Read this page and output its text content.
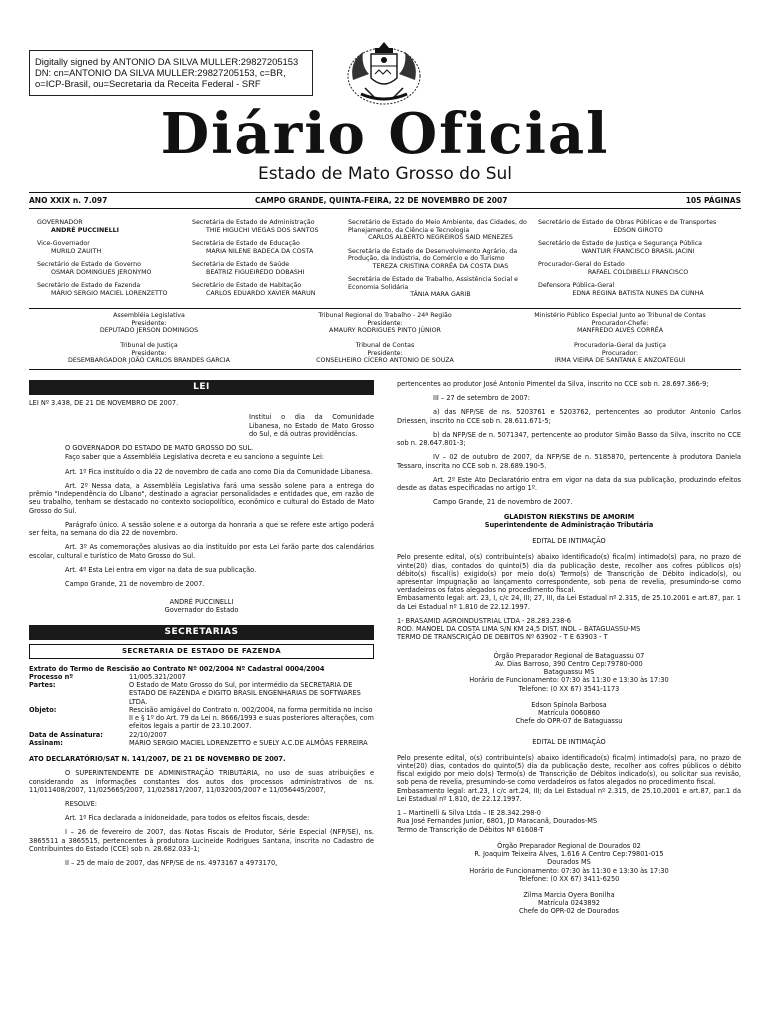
Digitally signed by ANTONIO DA SILVA MULLER:29827205153
DN: cn=ANTONIO DA SILVA MULLER:29827205153, c=BR,
o=ICP-Brasil, ou=Secretaria da Receita Federal - SRF
Diário Oficial
Estado de Mato Grosso do Sul
ANO XXIX n. 7.097	CAMPO GRANDE, QUINTA-FEIRA, 22 DE NOVEMBRO DE 2007	105 PÁGINAS
GOVERNADOR
ANDRÉ PUCCINELLI
Vice-Governador
MURILO ZAUITH
Secretário de Estado de Governo
OSMAR DOMINGUES JERONYMO
Secretário de Estado de Fazenda
MÁRIO SERGIO MACIEL LORENZETTO
Secretária de Estado de Administração
THIE HIGUCHI VIEGAS DOS SANTOS
Secretária de Estado de Educação
MARIA NILENE BADECA DA COSTA
Secretária de Estado de Saúde
BEATRIZ FIGUEIREDO DOBASHI
Secretário de Estado de Habitação
CARLOS EDUARDO XAVIER MARUN
Secretário de Estado do Meio Ambiente, das Cidades, do Planejamento, da Ciência e Tecnologia
CARLOS ALBERTO NEGREIROS SAID MENEZES
Secretária de Estado de Desenvolvimento Agrário, da Produção, da Indústria, do Comércio e do Turismo
TEREZA CRISTINA CORRÊA DA COSTA DIAS
Secretária de Estado de Trabalho, Assistência Social e Economia Solidária
TÂNIA MARA GARIB
Secretário de Estado de Obras Públicas e de Transportes
EDSON GIROTO
Secretário de Estado de Justiça e Segurança Pública
WANTUIR FRANCISCO BRASIL JACINI
Procurador-Geral do Estado
RAFAEL COLDIBELLI FRANCISCO
Defensora Pública-Geral
EDNA REGINA BATISTA NUNES DA CUNHA
Assembléia Legislativa
Presidente:
DEPUTADO JERSON DOMINGOS
Tribunal Regional do Trabalho - 24ª Região
Presidente:
AMAURY RODRIGUES PINTO JÚNIOR
Ministério Público Especial Junto ao Tribunal de Contas
Procurador-Chefe:
MANFREDO ALVES CORRÊA
Tribunal de Justiça
Presidente:
DESEMBARGADOR JOÃO CARLOS BRANDES GARCIA
Tribunal de Contas
Presidente:
CONSELHEIRO CÍCERO ANTONIO DE SOUZA
Procuradoria-Geral da Justiça
Procurador:
IRMA VIEIRA DE SANTANA E ANZOATEGUI
LEI

LEI Nº 3.438, DE 21 DE NOVEMBRO DE 2007.

Institui o dia da Comunidade Libanesa, no Estado de Mato Grosso do Sul, e dá outras providências.

O GOVERNADOR DO ESTADO DE MATO GROSSO DO SUL.

Faço saber que a Assembléia Legislativa decreta e eu sanciono a seguinte Lei:

Art. 1º Fica instituído o dia 22 de novembro de cada ano como Dia da Comunidade Libanesa.

Art. 2º Nessa data, a Assembléia Legislativa fará uma sessão solene para a entrega do prêmio "Independência do Líbano", destinado a agraciar personalidades e entidades que, em razão de seu trabalho, tenham se destacado no contexto sociopolítico, econômico e cultural do Estado de Mato Grosso do Sul.

Parágrafo único. A sessão solene e a outorga da honraria a que se refere este artigo poderá ser feita, na semana do dia 22 de novembro.

Art. 3º As comemorações alusivas ao dia instituído por esta Lei farão parte dos calendários escolar, cultural e turístico de Mato Grosso do Sul.

Art. 4º Esta Lei entra em vigor na data de sua publicação.

Campo Grande, 21 de novembro de 2007.

ANDRÉ PUCCINELLI

Governador do Estado

SECRETARIAS
SECRETARIA DE ESTADO DE FAZENDA

Extrato do Termo de Rescisão ao Contrato Nº 002/2004 Nº Cadastral 0004/2004

Processo nº	11/005.321/2007
Partes:	O Estado de Mato Grosso do Sul, por intermédio da SECRETARIA DE ESTADO DE FAZENDA e DIGITO BRASIL ENGENHARIAS DE SOFTWARES LTDA.
Objeto:	Rescisão amigável do Contrato n. 002/2004, na forma permitida no inciso II e § 1º do Art. 79 da Lei n. 8666/1993 e suas posteriores alterações, com efeitos legais a partir de 23.10.2007.
Data de Assinatura:	22/10/2007
Assinam:	MARIO SERGIO MACIEL LORENZETTO e SUELY A.C.DE ALMÔAS FERREIRA

ATO DECLARATÓRIO/SAT N. 141/2007, DE 21 DE NOVEMBRO DE 2007.

O SUPERINTENDENTE DE ADMINISTRAÇÃO TRIBUTÁRIA, no uso de suas atribuições e considerando as informações constantes dos autos dos processos administrativos de ns. 11/011408/2007, 11/025665/2007, 11/025817/2007, 11/032005/2007 e 11/056445/2007,

RESOLVE:

Art. 1º Fica declarada a inidoneidade, para todos os efeitos fiscais, desde:

I – 26 de fevereiro de 2007, das Notas Fiscais de Produtor, Série Especial (NFP/SE), ns. 3865511 a 3865515, pertencentes à produtora Lucineide Rodrigues Santana, inscrita no Cadastro de Contribuintes do Estado (CCE) sob n. 28.682.033-1;

II – 25 de maio de 2007, das NFP/SE de ns. 4973167 a 4973170,

pertencentes ao produtor José Antonio Pimentel da Silva, inscrito no CCE sob n. 28.697.366-9;

III – 27 de setembro de 2007:

a) das NFP/SE de ns. 5203761 e 5203762, pertencentes ao produtor Antonio Carlos Driessen, inscrito no CCE sob n. 28.611.671-5;

b) da NFP/SE de n. 5071347, pertencente ao produtor Simão Basso da Silva, inscrito no CCE sob n. 28.647.801-3;

IV – 02 de outubro de 2007, da NFP/SE de n. 5185870, pertencente à produtora Daniela Tessaro, inscrita no CCE sob n. 28.689.190-5.

Art. 2º Este Ato Declaratório entra em vigor na data da sua publicação, produzindo efeitos desde as datas especificadas no artigo 1º.

Campo Grande, 21 de novembro de 2007.

GLADISTON RIEKSTINS DE AMORIM

Superintendente de Administração Tributária

EDITAL DE INTIMAÇÃO

Pelo presente edital, o(s) contribuinte(s) abaixo identificado(s) fica(m) intimado(s) para, no prazo de vinte(20) dias, contados do quinto(5) dia da publicação deste, recolher aos cofres públicos o(s) débito(s) fiscal(is) exigido(s) por meio do(s) Termo(s) de Transcrição de Débito indicado(s), ou apresentar impugnação ao lançamento correspondente, sob pena de revelia, presumindo-se como verdadeiros os fatos alegados no procedimento fiscal.

Embasamento legal: art. 23, I, c/c 24, III; 27, III, da Lei Estadual nº 2.315, de 25.10.2001 e art.87, par. 1 da Lei Estadual nº 1.810 de 22.12.1997.

1- BRASAMID AGROINDUSTRIAL LTDA - 28.283.238-6

ROD. MANOEL DA COSTA LIMA S/N KM 24,5 DIST. INDL – BATAGUASSU-MS

TERMO DE TRANSCRIÇÃO DE DEBITOS Nº 63902 - T E 63903 - T

Órgão Preparador Regional de Bataguassu 07

Av. Dias Barroso, 390 Centro Cep:79780-000

Bataguassu MS

Horário de Funcionamento: 07:30 às 11:30 e 13:30 às 17:30

Telefone: (0 XX 67) 3541-1173

Edson Spinola Barbosa

Matrícula 0060860

Chefe do OPR-07 de Bataguassu

EDITAL DE INTIMAÇÃO

Pelo presente edital, o(s) contribuinte(s) abaixo identificado(s) fica(m) intimado(s) para, no prazo de vinte(20) dias, contados do quinto(5) dia da publicação deste, recolher aos cofres públicos o débito fiscal exigido por meio do(s) Termo(s) de Transcrição de Débitos indicado(s), ou solicitar sua revisão, sob pena de revelia, presumindo-se como verdadeiros os fatos alegados no procedimento fiscal.

Embasamento legal: art.23, I c/c art.24, III; da Lei Estadual nº 2.315, de 25.10.2001 e art.87, par.1 da Lei Estadual nº 1.810, de 22.12.1997.

1 – Martinelli & Silva Ltda – IE 28.342.298-0

Rua José Fernandes Junior, 6801, JD Maracanã, Dourados-MS

Termo de Transcrição de Débitos Nº 61608-T

Órgão Preparador Regional de Dourados 02

R. Joaquim Teixeira Alves, 1.616 A Centro Cep:79801-015

Dourados MS

Horário de Funcionamento: 07:30 às 11:30 e 13:30 às 17:30

Telefone: (0 XX 67) 3411-6250

Zilma Marcia Oyera Bonilha

Matrícula 0243892

Chefe do OPR-02 de Dourados
